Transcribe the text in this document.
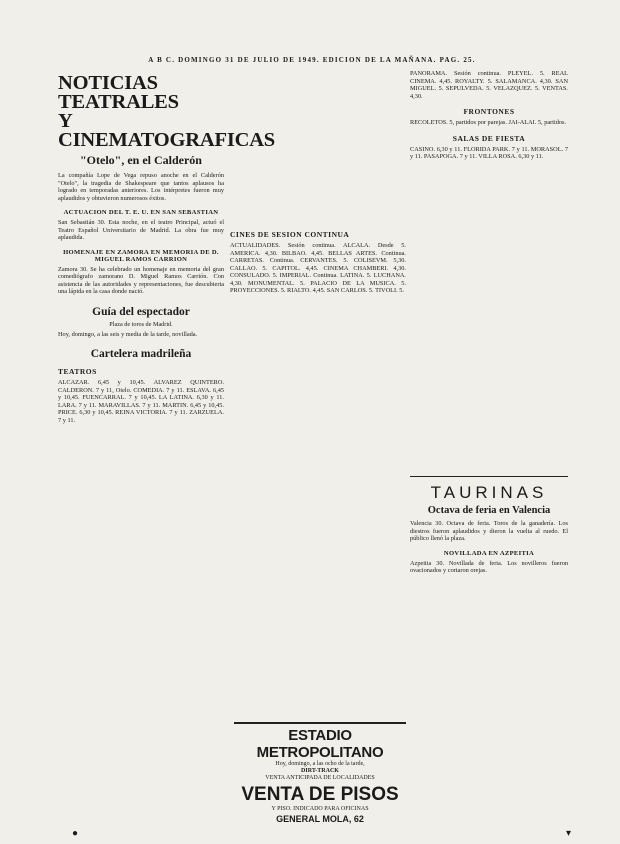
A B C. DOMINGO 31 DE JULIO DE 1949. EDICION DE LA MAÑANA. PAG. 25.
NOTICIAS TEATRALES
Y CINEMATOGRAFICAS
"Otelo", en el Calderón

La compañía Lope de Vega repuso anoche en el Calderón "Otelo", la tragedia de Shakespeare que tantos aplausos ha logrado en temporadas anteriores. Los intérpretes fueron muy aplaudidos y obtuvieron numerosos éxitos.

ACTUACION DEL T. E. U. EN SAN SEBASTIAN

San Sebastián 30. Esta noche, en el teatro Principal, actuó el Teatro Español Universitario de Madrid. La obra fue muy aplaudida.

HOMENAJE EN ZAMORA EN MEMORIA DE D. MIGUEL RAMOS CARRION

Zamora 30. Se ha celebrado un homenaje en memoria del gran comediógrafo zamorano D. Miguel Ramos Carrión. Con asistencia de las autoridades y representaciones, fue descubierta una lápida en la casa donde nació.

Guía del espectador
Plaza de toros de Madrid.

Hoy, domingo, a las seis y media de la tarde, novillada.

Cartelera madrileña
TEATROS

ALCAZAR. 6,45 y 10,45. ALVAREZ QUINTERO. CALDERON. 7 y 11, Otelo. COMEDIA. 7 y 11. ESLAVA. 6,45 y 10,45. FUENCARRAL. 7 y 10,45. LA LATINA. 6,30 y 11. LARA. 7 y 11. MARAVILLAS. 7 y 11. MARTIN. 6,45 y 10,45. PRICE. 6,30 y 10,45. REINA VICTORIA. 7 y 11. ZARZUELA. 7 y 11.

CINES DE SESION CONTINUA

ACTUALIDADES. Sesión continua. ALCALA. Desde 5. AMERICA. 4,30. BILBAO. 4,45. BELLAS ARTES. Continua. CARRETAS. Continua. CERVANTES. 5. COLISEVM. 5,30. CALLAO. 5. CAPITOL. 4,45. CINEMA CHAMBERI. 4,30. CONSULADO. 5. IMPERIAL. Continua. LATINA. 5. LUCHANA. 4,30. MONUMENTAL. 5. PALACIO DE LA MUSICA. 5. PROYECCIONES. 5. RIALTO. 4,45. SAN CARLOS. 5. TIVOLI. 5.

ESTADIO METROPOLITANO
Hoy, domingo, a las ocho de la tarde,
DIRT-TRACK
VENTA ANTICIPADA DE LOCALIDADES
VENTA DE PISOS
Y PISO. INDICADO PARA OFICINAS
GENERAL MOLA, 62

PANORAMA. Sesión continua. PLEYEL. 5. REAL CINEMA. 4,45. ROYALTY. 5. SALAMANCA. 4,30. SAN MIGUEL. 5. SEPULVEDA. 5. VELAZQUEZ. 5. VENTAS. 4,30.

FRONTONES

RECOLETOS. 5, partidos por parejas. JAI-ALAI. 5, partidos.

SALAS DE FIESTA

CASINO. 6,30 y 11. FLORIDA PARK. 7 y 11. MORASOL. 7 y 11. PASAPOGA. 7 y 11. VILLA ROSA. 6,30 y 11.

TAURINAS
Octava de feria en Valencia

Valencia 30. Octava de feria. Toros de la ganadería. Los diestros fueron aplaudidos y dieron la vuelta al ruedo. El público llenó la plaza.

NOVILLADA EN AZPEITIA

Azpeitia 30. Novillada de feria. Los novilleros fueron ovacionados y cortaron orejas.

●	▾
